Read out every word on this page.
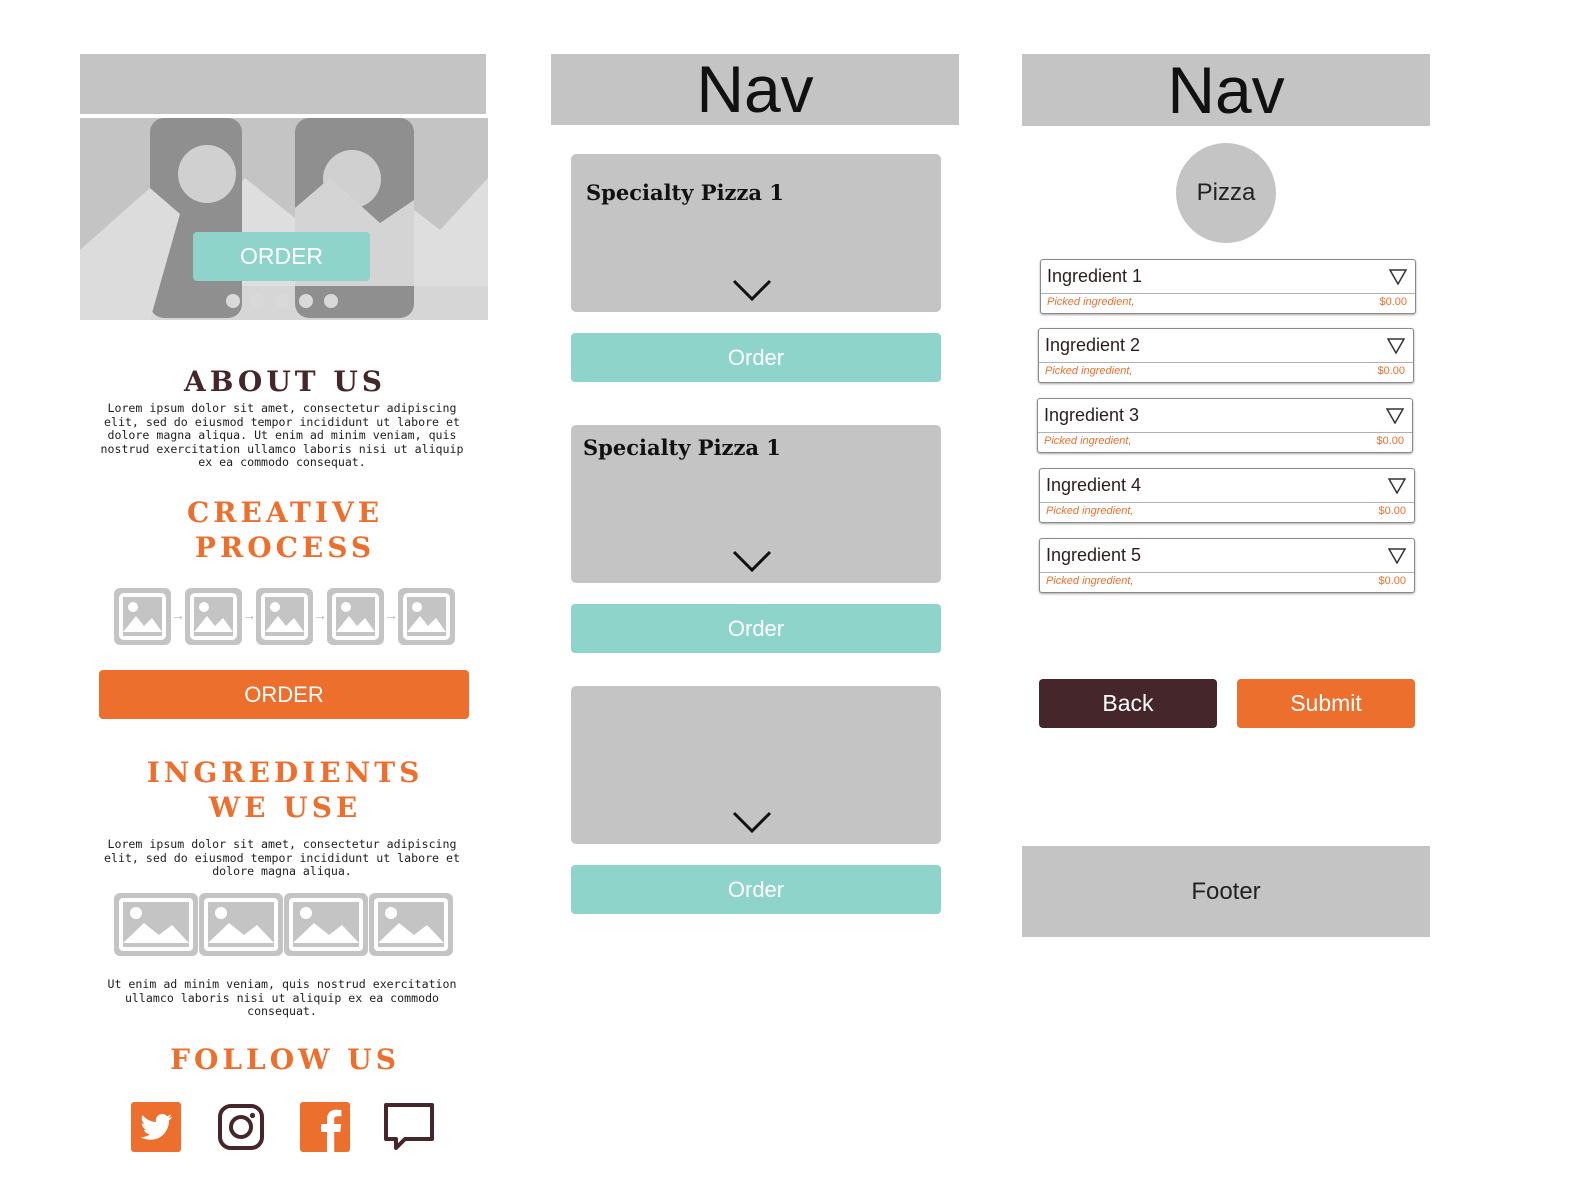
ORDER
ABOUT US
Lorem ipsum dolor sit amet, consectetur adipiscing elit, sed do eiusmod tempor incididunt ut labore et dolore magna aliqua. Ut enim ad minim veniam, quis nostrud exercitation ullamco laboris nisi ut aliquip ex ea commodo consequat.
CREATIVE
PROCESS
→	→	→	→
ORDER
INGREDIENTS
WE USE
Lorem ipsum dolor sit amet, consectetur adipiscing elit, sed do eiusmod tempor incididunt ut labore et dolore magna aliqua.
Ut enim ad minim veniam, quis nostrud exercitation ullamco laboris nisi ut aliquip ex ea commodo consequat.
FOLLOW US
Nav
Specialty Pizza 1
Order
Specialty Pizza 1
Order
Order
Nav
Pizza
Ingredient 1
Picked ingredient,	$0.00
Ingredient 2
Picked ingredient,	$0.00
Ingredient 3
Picked ingredient,	$0.00
Ingredient 4
Picked ingredient,	$0.00
Ingredient 5
Picked ingredient,	$0.00
Back	Submit
Footer
